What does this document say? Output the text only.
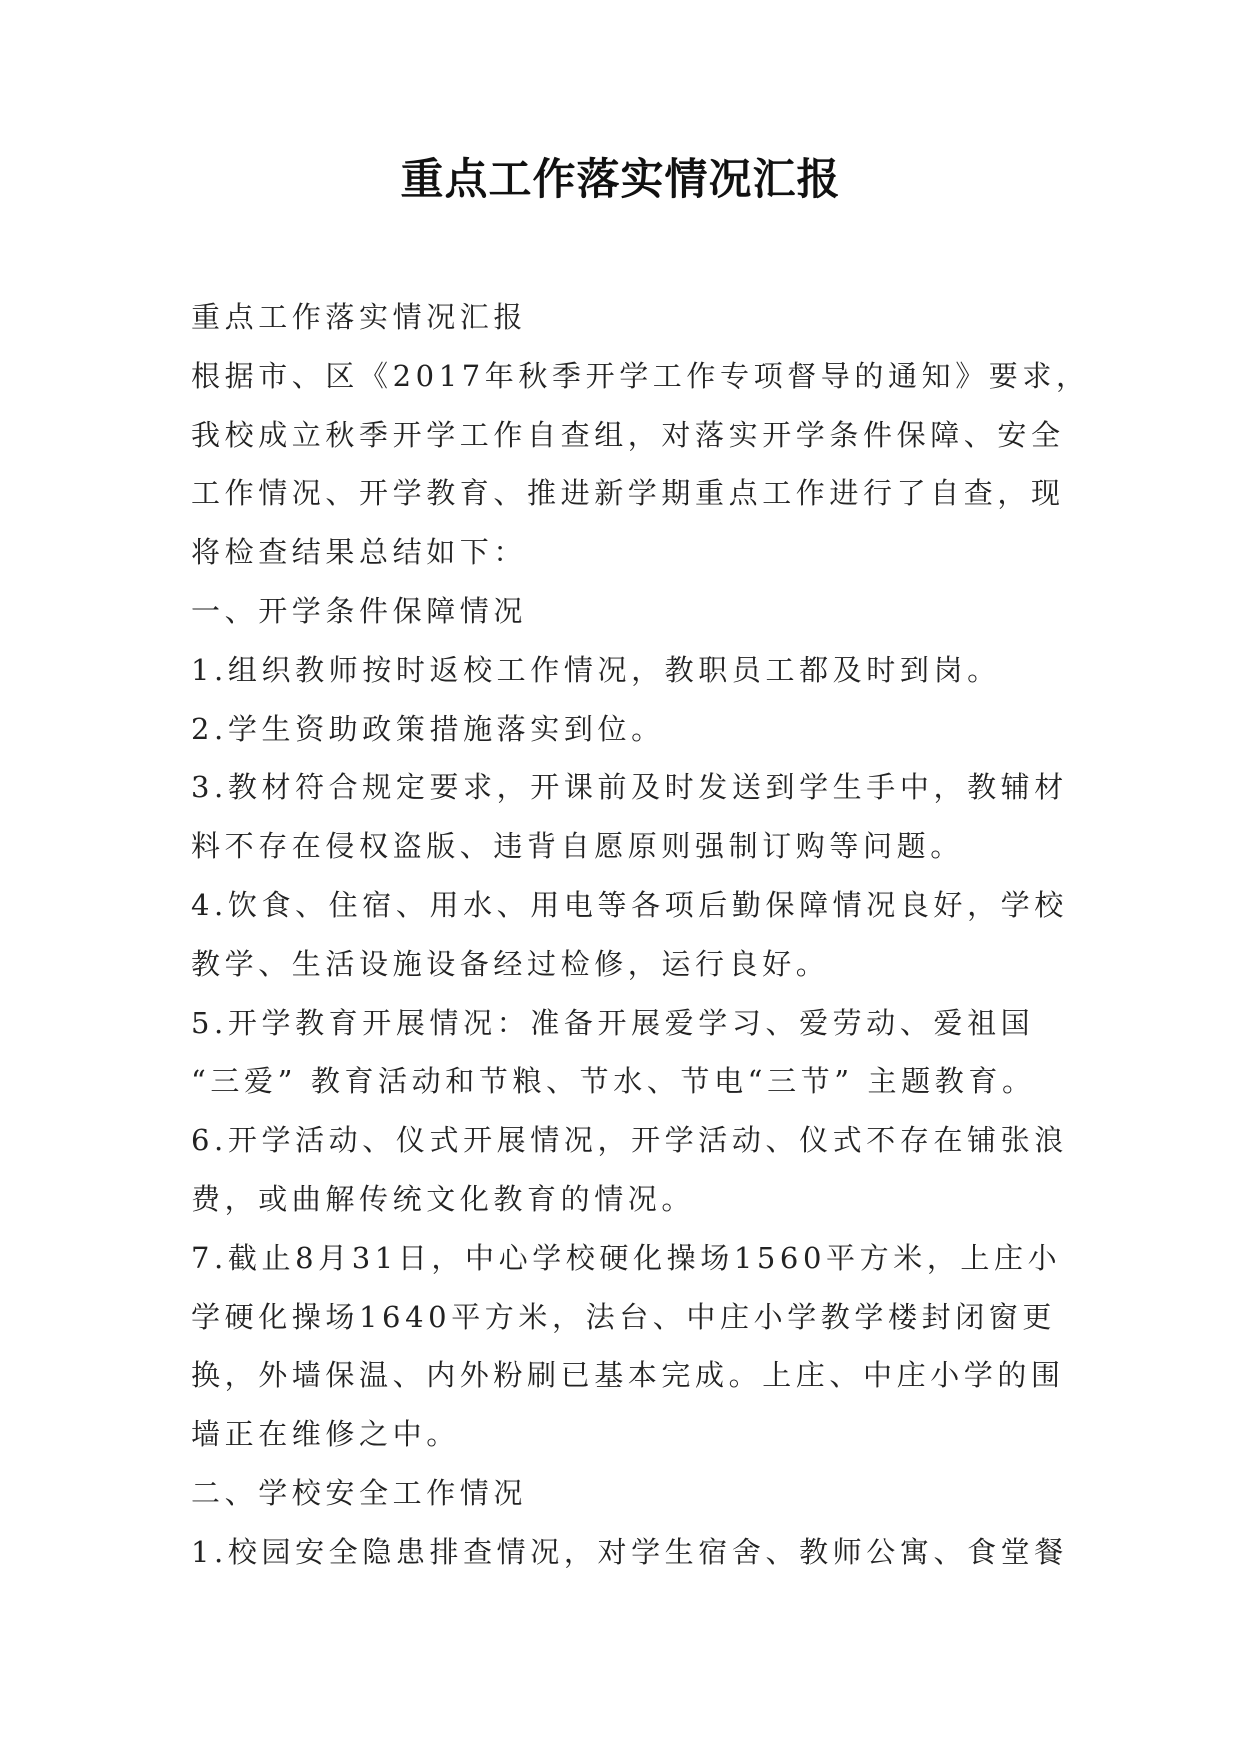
重点工作落实情况汇报
重点工作落实情况汇报
根据市、区《2017年秋季开学工作专项督导的通知》要求，
我校成立秋季开学工作自查组，对落实开学条件保障、安全
工作情况、开学教育、推进新学期重点工作进行了自查，现
将检查结果总结如下：
一、开学条件保障情况
1.组织教师按时返校工作情况，教职员工都及时到岗。
2.学生资助政策措施落实到位。
3.教材符合规定要求，开课前及时发送到学生手中，教辅材
料不存在侵权盗版、违背自愿原则强制订购等问题。
4.饮食、住宿、用水、用电等各项后勤保障情况良好，学校
教学、生活设施设备经过检修，运行良好。
5.开学教育开展情况：准备开展爱学习、爱劳动、爱祖国
“三爱” 教育活动和节粮、节水、节电“三节” 主题教育。
6.开学活动、仪式开展情况，开学活动、仪式不存在铺张浪
费，或曲解传统文化教育的情况。
7.截止8月31日，中心学校硬化操场1560平方米，上庄小
学硬化操场1640平方米，法台、中庄小学教学楼封闭窗更
换，外墙保温、内外粉刷已基本完成。上庄、中庄小学的围
墙正在维修之中。
二、学校安全工作情况
1.校园安全隐患排查情况，对学生宿舍、教师公寓、食堂餐
